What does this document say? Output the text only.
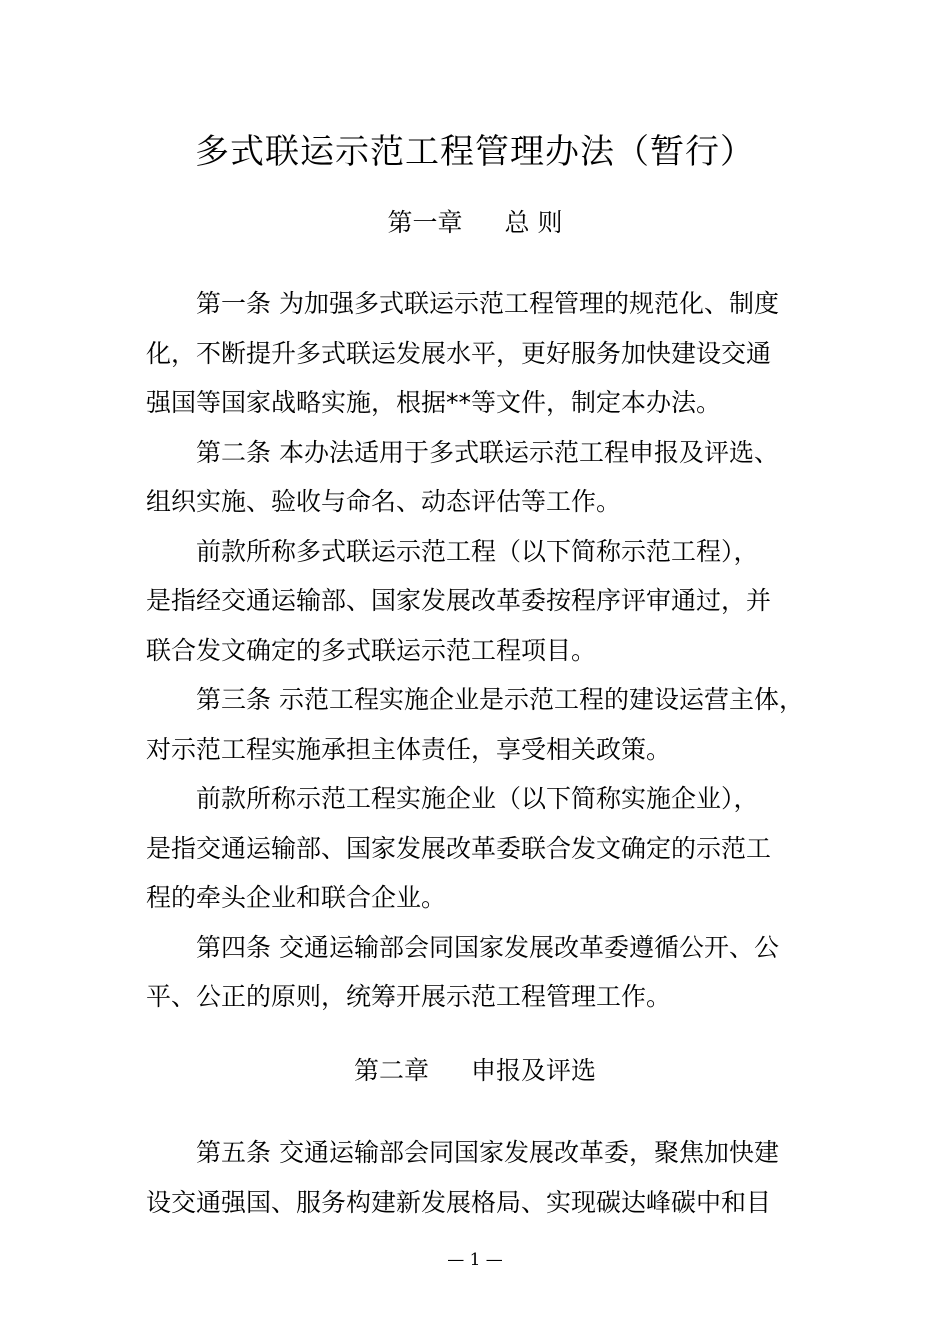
多式联运示范工程管理办法（暂行）
第一章 总 则

第一条 为加强多式联运示范工程管理的规范化、制度
化，不断提升多式联运发展水平，更好服务加快建设交通
强国等国家战略实施，根据**等文件，制定本办法。

第二条 本办法适用于多式联运示范工程申报及评选、
组织实施、验收与命名、动态评估等工作。

前款所称多式联运示范工程（以下简称示范工程），
是指经交通运输部、国家发展改革委按程序评审通过，并
联合发文确定的多式联运示范工程项目。

第三条 示范工程实施企业是示范工程的建设运营主体，
对示范工程实施承担主体责任，享受相关政策。

前款所称示范工程实施企业（以下简称实施企业），
是指交通运输部、国家发展改革委联合发文确定的示范工
程的牵头企业和联合企业。

第四条 交通运输部会同国家发展改革委遵循公开、公
平、公正的原则，统筹开展示范工程管理工作。

第二章 申报及评选

第五条 交通运输部会同国家发展改革委，聚焦加快建
设交通强国、服务构建新发展格局、实现碳达峰碳中和目

— 1 —
